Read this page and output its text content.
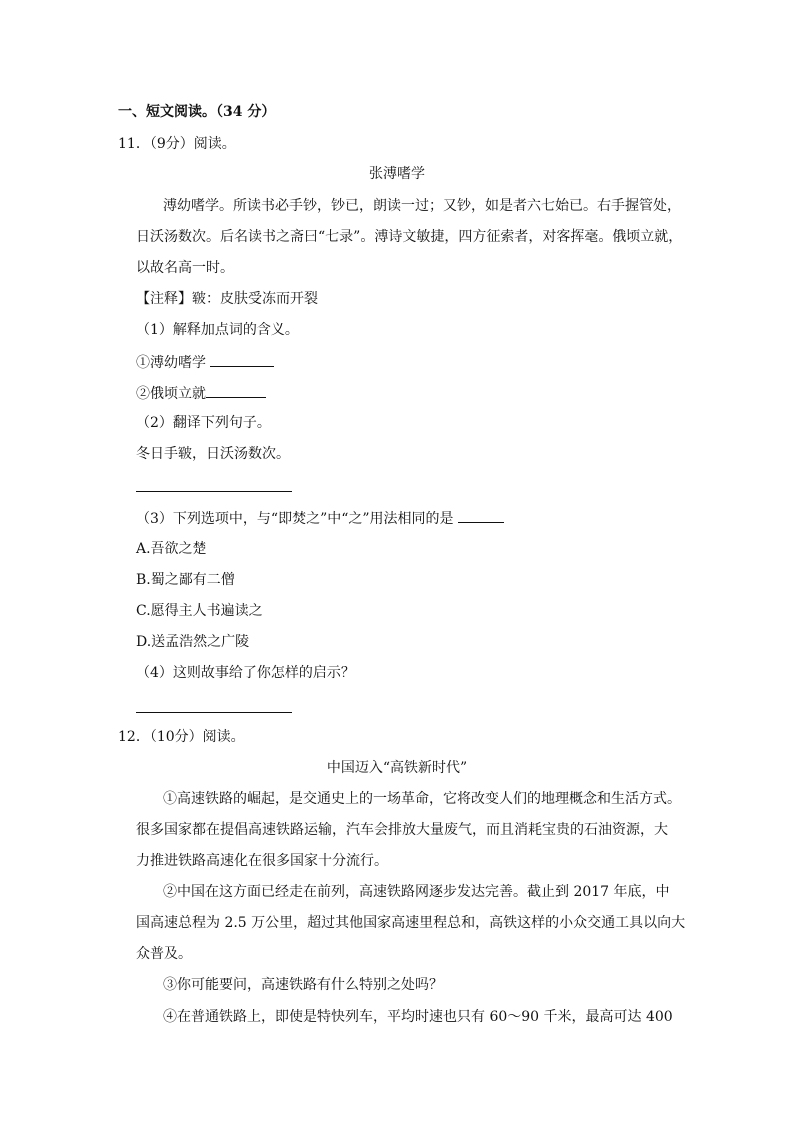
一、短文阅读。（34 分）
11．（9分）阅读。
张溥嗜学
溥幼嗜学。所读书必手钞，钞已，朗读一过；又钞，如是者六七始已。右手握管处，
日沃汤数次。后名读书之斋曰“七录”。溥诗文敏捷，四方征索者，对客挥毫。俄顷立就，
以故名高一时。
【注释】皲：皮肤受冻而开裂
（1）解释加点词的含义。
①溥幼嗜学
②俄顷立就
（2）翻译下列句子。
冬日手皲，日沃汤数次。
（3）下列选项中，与“即焚之”中“之”用法相同的是
A.吾欲之楚
B.蜀之鄙有二僧
C.愿得主人书遍读之
D.送孟浩然之广陵
（4）这则故事给了你怎样的启示？
12．（10分）阅读。
中国迈入“高铁新时代”
①高速铁路的崛起，是交通史上的一场革命，它将改变人们的地理概念和生活方式。
很多国家都在提倡高速铁路运输，汽车会排放大量废气，而且消耗宝贵的石油资源，大
力推进铁路高速化在很多国家十分流行。
②中国在这方面已经走在前列，高速铁路网逐步发达完善。截止到 2017 年底，中
国高速总程为 2.5 万公里，超过其他国家高速里程总和，高铁这样的小众交通工具以向大
众普及。
③你可能要问，高速铁路有什么特别之处吗？
④在普通铁路上，即使是特快列车，平均时速也只有 60～90 千米，最高可达 400
